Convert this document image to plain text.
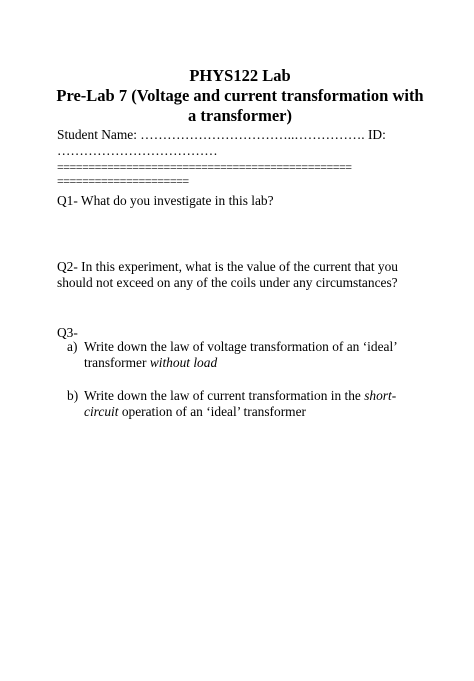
PHYS122 Lab
Pre-Lab 7 (Voltage and current transformation with
a transformer)
Student Name: ……………………………..……………. ID:
………………………………
===============================================
=====================
Q1- What do you investigate in this lab?
Q2- In this experiment, what is the value of the current that you
should not exceed on any of the coils under any circumstances?
Q3-
a) Write down the law of voltage transformation of an ‘ideal’
transformer without load
b) Write down the law of current transformation in the short-
circuit operation of an ‘ideal’ transformer
